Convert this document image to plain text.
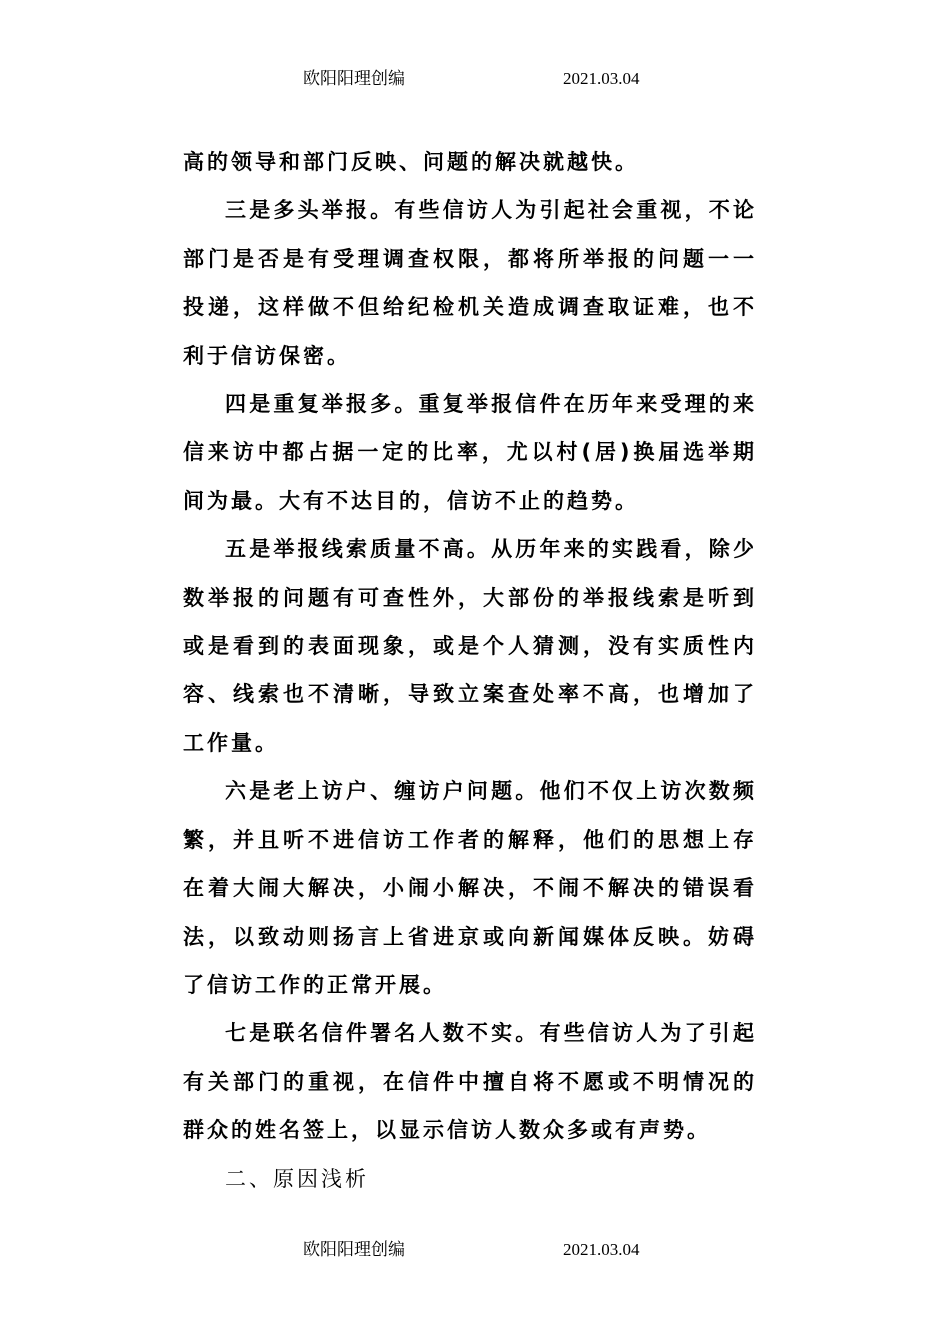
欧阳阳理创编	2021.03.04

高的领导和部门反映、问题的解决就越快。

三是多头举报。有些信访人为引起社会重视，不论部门是否是有受理调查权限，都将所举报的问题一一投递，这样做不但给纪检机关造成调查取证难，也不利于信访保密。

四是重复举报多。重复举报信件在历年来受理的来信来访中都占据一定的比率，尤以村(居)换届选举期间为最。大有不达目的，信访不止的趋势。

五是举报线索质量不高。从历年来的实践看，除少数举报的问题有可查性外，大部份的举报线索是听到或是看到的表面现象，或是个人猜测，没有实质性内容、线索也不清晰，导致立案查处率不高，也增加了工作量。

六是老上访户、缠访户问题。他们不仅上访次数频繁，并且听不进信访工作者的解释，他们的思想上存在着大闹大解决，小闹小解决，不闹不解决的错误看法，以致动则扬言上省进京或向新闻媒体反映。妨碍了信访工作的正常开展。

七是联名信件署名人数不实。有些信访人为了引起有关部门的重视，在信件中擅自将不愿或不明情况的群众的姓名签上，以显示信访人数众多或有声势。

二、原因浅析

欧阳阳理创编	2021.03.04
